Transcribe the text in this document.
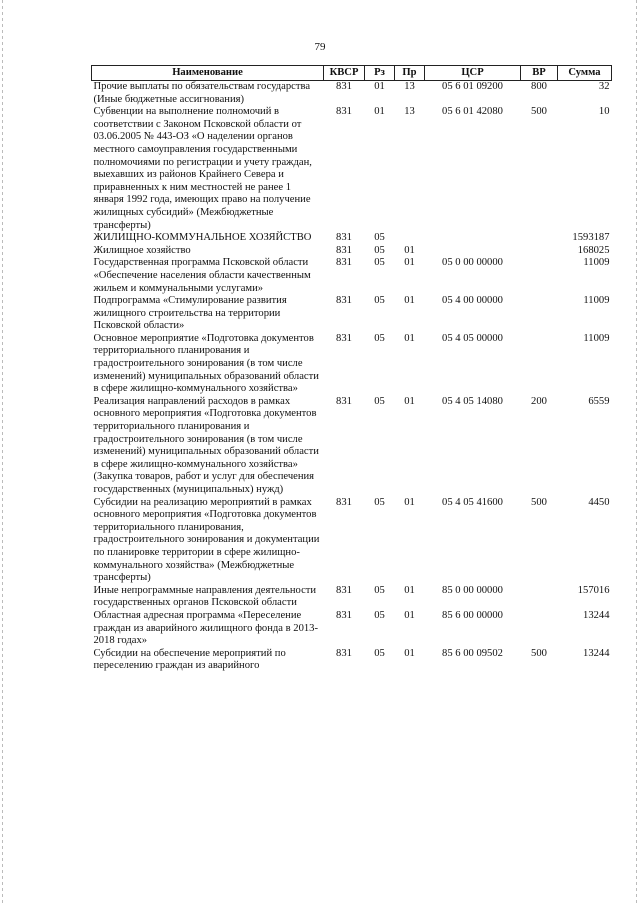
79
Наименование	КВСР	Рз	Пр	ЦСР	ВР	Сумма
Прочие выплаты по обязательствам государства (Иные бюджетные ассигнования)	831	01	13	05 6 01 09200	800	32
Субвенции на выполнение полномочий в соответствии с Законом Псковской области от 03.06.2005 № 443-ОЗ «О наделении органов местного самоуправления государственными полномочиями по регистрации и учету граждан, выехавших из районов Крайнего Севера и приравненных к ним местностей не ранее 1 января 1992 года, имеющих право на получение жилищных субсидий» (Межбюджетные трансферты)	831	01	13	05 6 01 42080	500	10
ЖИЛИЩНО-КОММУНАЛЬНОЕ ХОЗЯЙСТВО	831	05				1593187
Жилищное хозяйство	831	05	01			168025
Государственная программа Псковской области «Обеспечение населения области качественным жильем и коммунальными услугами»	831	05	01	05 0 00 00000		11009
Подпрограмма «Стимулирование развития жилищного строительства на территории Псковской области»	831	05	01	05 4 00 00000		11009
Основное мероприятие «Подготовка документов территориального планирования и градостроительного зонирования (в том числе изменений) муниципальных образований области в сфере жилищно-коммунального хозяйства»	831	05	01	05 4 05 00000		11009
Реализация направлений расходов в рамках основного мероприятия «Подготовка документов территориального планирования и градостроительного зонирования (в том числе изменений) муниципальных образований области в сфере жилищно-коммунального хозяйства» (Закупка товаров, работ и услуг для обеспечения государственных (муниципальных) нужд)	831	05	01	05 4 05 14080	200	6559
Субсидии на реализацию мероприятий в рамках основного мероприятия «Подготовка документов территориального планирования, градостроительного зонирования и документации по планировке территории в сфере жилищно-коммунального хозяйства» (Межбюджетные трансферты)	831	05	01	05 4 05 41600	500	4450
Иные непрограммные направления деятельности государственных органов Псковской области	831	05	01	85 0 00 00000		157016
Областная адресная программа «Переселение граждан из аварийного жилищного фонда в 2013-2018 годах»	831	05	01	85 6 00 00000		13244
Субсидии на обеспечение мероприятий по переселению граждан из аварийного	831	05	01	85 6 00 09502	500	13244
